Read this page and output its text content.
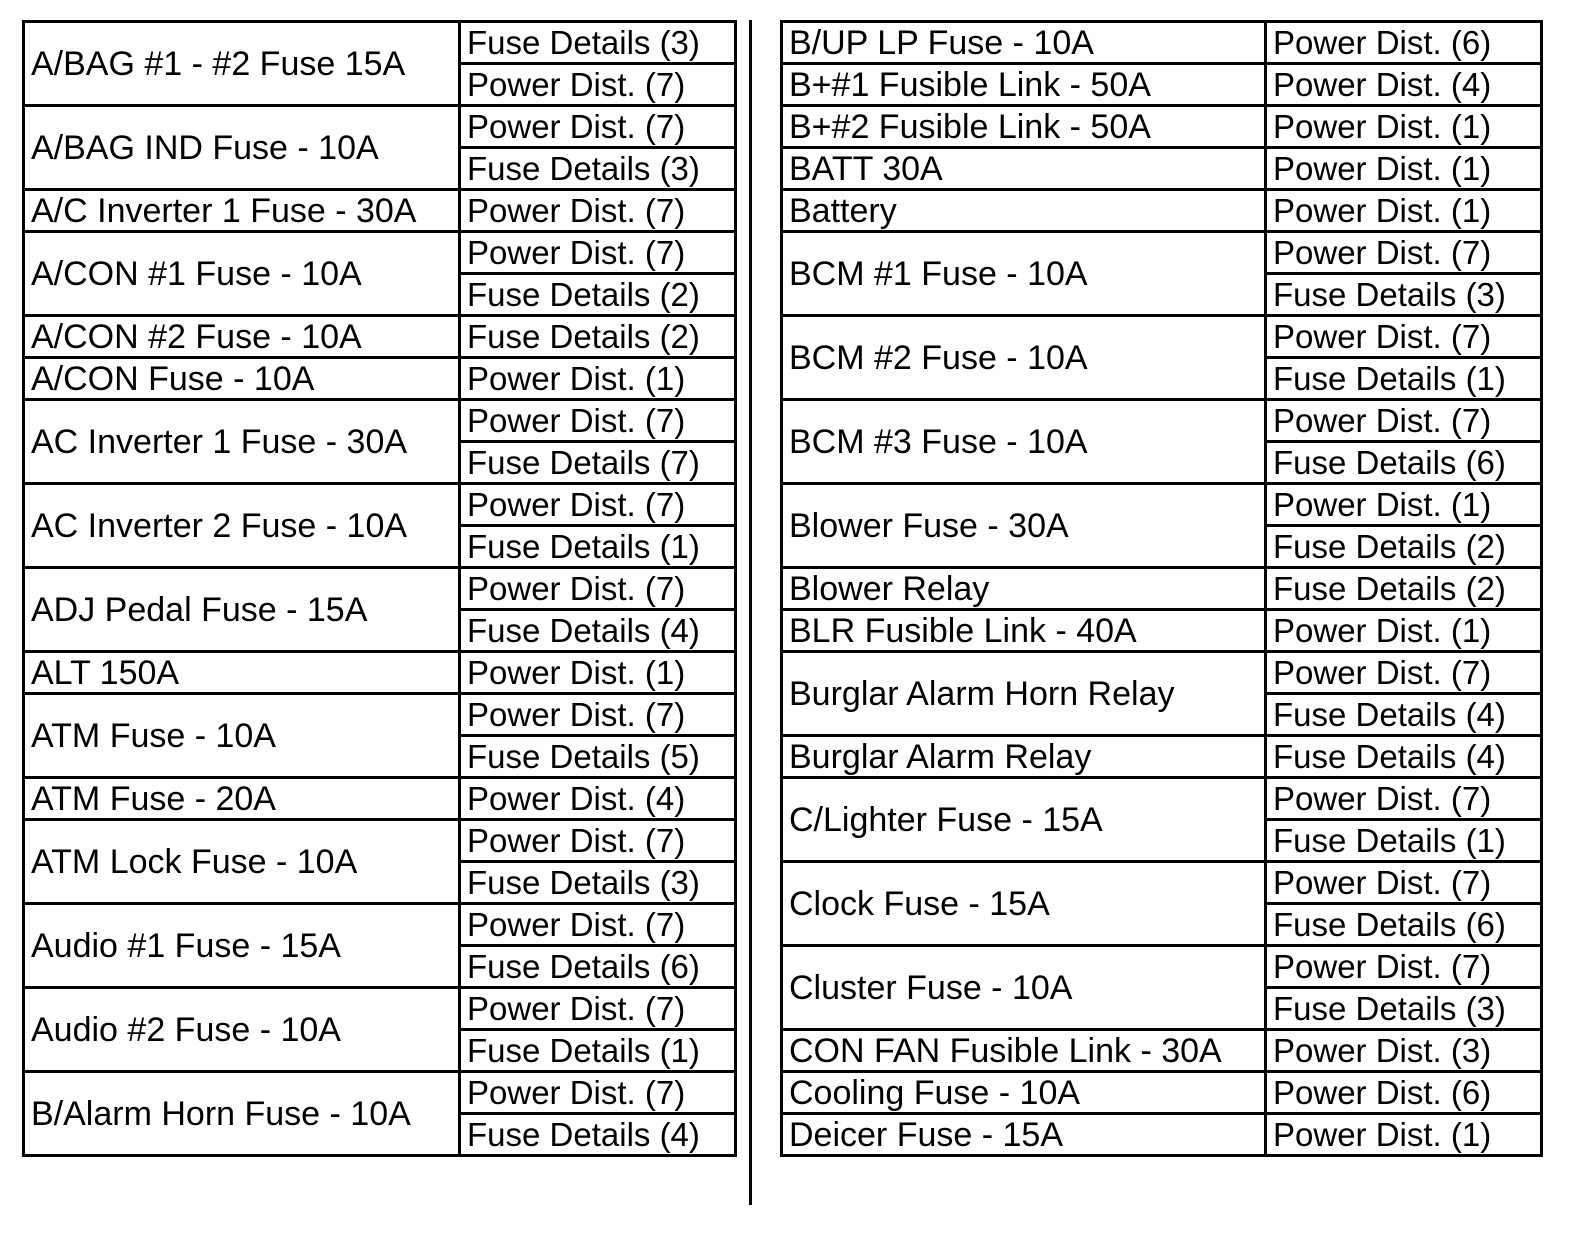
A/BAG #1 - #2 Fuse 15A	Fuse Details (3)
	Power Dist. (7)
A/BAG IND Fuse - 10A	Power Dist. (7)
	Fuse Details (3)
A/C Inverter 1 Fuse - 30A	Power Dist. (7)
A/CON #1 Fuse - 10A	Power Dist. (7)
	Fuse Details (2)
A/CON #2 Fuse - 10A	Fuse Details (2)
A/CON Fuse - 10A	Power Dist. (1)
AC Inverter 1 Fuse - 30A	Power Dist. (7)
	Fuse Details (7)
AC Inverter 2 Fuse - 10A	Power Dist. (7)
	Fuse Details (1)
ADJ Pedal Fuse - 15A	Power Dist. (7)
	Fuse Details (4)
ALT 150A	Power Dist. (1)
ATM Fuse - 10A	Power Dist. (7)
	Fuse Details (5)
ATM Fuse - 20A	Power Dist. (4)
ATM Lock Fuse - 10A	Power Dist. (7)
	Fuse Details (3)
Audio #1 Fuse - 15A	Power Dist. (7)
	Fuse Details (6)
Audio #2 Fuse - 10A	Power Dist. (7)
	Fuse Details (1)
B/Alarm Horn Fuse - 10A	Power Dist. (7)
	Fuse Details (4)
B/UP LP Fuse - 10A	Power Dist. (6)
B+#1 Fusible Link - 50A	Power Dist. (4)
B+#2 Fusible Link - 50A	Power Dist. (1)
BATT 30A	Power Dist. (1)
Battery	Power Dist. (1)
BCM #1 Fuse - 10A	Power Dist. (7)
	Fuse Details (3)
BCM #2 Fuse - 10A	Power Dist. (7)
	Fuse Details (1)
BCM #3 Fuse - 10A	Power Dist. (7)
	Fuse Details (6)
Blower Fuse - 30A	Power Dist. (1)
	Fuse Details (2)
Blower Relay	Fuse Details (2)
BLR Fusible Link - 40A	Power Dist. (1)
Burglar Alarm Horn Relay	Power Dist. (7)
	Fuse Details (4)
Burglar Alarm Relay	Fuse Details (4)
C/Lighter Fuse - 15A	Power Dist. (7)
	Fuse Details (1)
Clock Fuse - 15A	Power Dist. (7)
	Fuse Details (6)
Cluster Fuse - 10A	Power Dist. (7)
	Fuse Details (3)
CON FAN Fusible Link - 30A	Power Dist. (3)
Cooling Fuse - 10A	Power Dist. (6)
Deicer Fuse - 15A	Power Dist. (1)
